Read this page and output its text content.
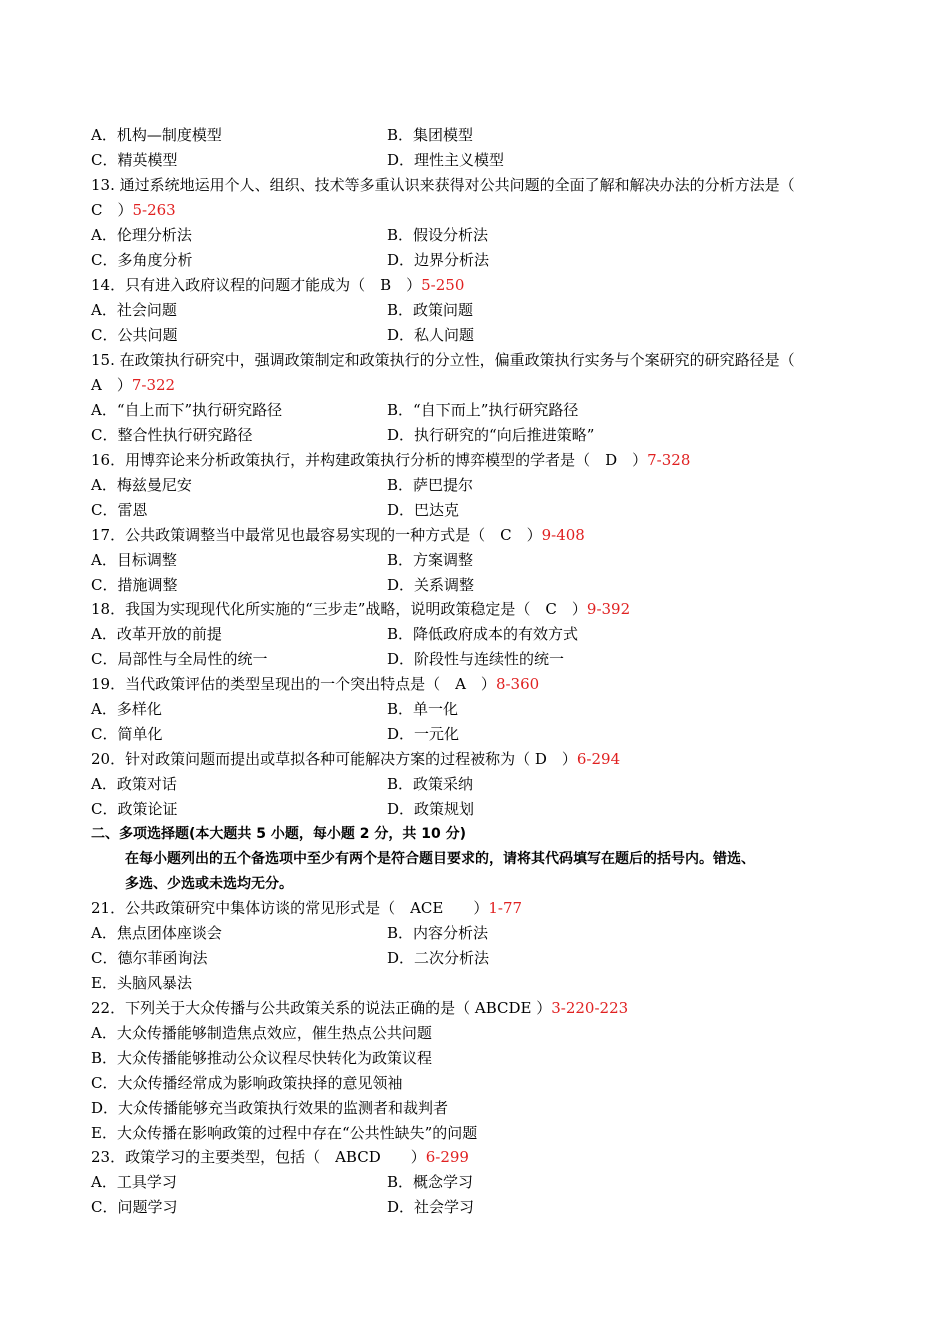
A．机构—制度模型	B．集团模型
C．精英模型	D．理性主义模型
13. 通过系统地运用个人、组织、技术等多重认识来获得对公共问题的全面了解和解决办法的分析方法是（
C　）5-263
A．伦理分析法	B．假设分析法
C．多角度分析	D．边界分析法
14．只有进入政府议程的问题才能成为（　B　）5-250
A．社会问题	B．政策问题
C．公共问题	D．私人问题
15. 在政策执行研究中，强调政策制定和政策执行的分立性，偏重政策执行实务与个案研究的研究路径是（
A　）7-322
A．“自上而下”执行研究路径	B．“自下而上”执行研究路径
C．整合性执行研究路径	D．执行研究的“向后推进策略”
16．用博弈论来分析政策执行，并构建政策执行分析的博弈模型的学者是（　D　）7-328
A．梅兹曼尼安	B．萨巴提尔
C．雷恩	D．巴达克
17．公共政策调整当中最常见也最容易实现的一种方式是（　C　）9-408
A．目标调整	B．方案调整
C．措施调整	D．关系调整
18．我国为实现现代化所实施的“三步走”战略，说明政策稳定是（　C　）9-392
A．改革开放的前提	B．降低政府成本的有效方式
C．局部性与全局性的统一	D．阶段性与连续性的统一
19．当代政策评估的类型呈现出的一个突出特点是（　A　）8-360
A．多样化	B．单一化
C．简单化	D．一元化
20．针对政策问题而提出或草拟各种可能解决方案的过程被称为（ D　）6-294
A．政策对话	B．政策采纳
C．政策论证	D．政策规划
二、多项选择题(本大题共 5 小题，每小题 2 分，共 10 分)
在每小题列出的五个备选项中至少有两个是符合题目要求的，请将其代码填写在题后的括号内。错选、
多选、少选或未选均无分。
21．公共政策研究中集体访谈的常见形式是（　ACE　　）1-77
A．焦点团体座谈会	B．内容分析法
C．德尔菲函询法	D．二次分析法
E．头脑风暴法
22．下列关于大众传播与公共政策关系的说法正确的是（ ABCDE ）3-220-223
A．大众传播能够制造焦点效应，催生热点公共问题
B．大众传播能够推动公众议程尽快转化为政策议程
C．大众传播经常成为影响政策抉择的意见领袖
D．大众传播能够充当政策执行效果的监测者和裁判者
E．大众传播在影响政策的过程中存在“公共性缺失”的问题
23．政策学习的主要类型，包括（　ABCD　　）6-299
A．工具学习	B．概念学习
C．问题学习	D．社会学习
